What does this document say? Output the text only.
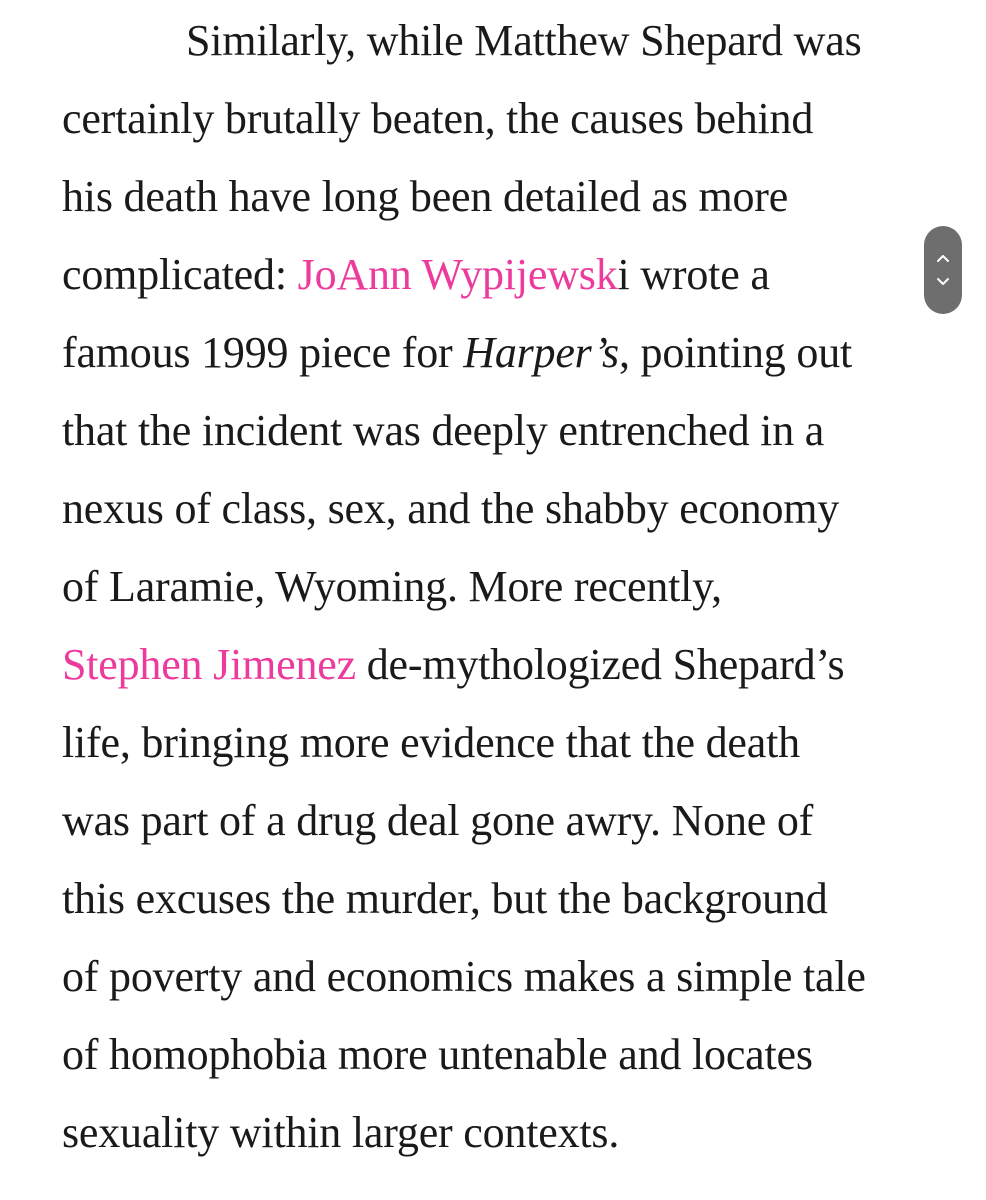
Similarly, while Matthew Shepard was
certainly brutally beaten, the causes behind
his death have long been detailed as more
complicated: JoAnn Wypijewski wrote a
famous 1999 piece for Harper’s, pointing out
that the incident was deeply entrenched in a
nexus of class, sex, and the shabby economy
of Laramie, Wyoming. More recently,
Stephen Jimenez de-mythologized Shepard’s
life, bringing more evidence that the death
was part of a drug deal gone awry. None of
this excuses the murder, but the background
of poverty and economics makes a simple tale
of homophobia more untenable and locates
sexuality within larger contexts.
